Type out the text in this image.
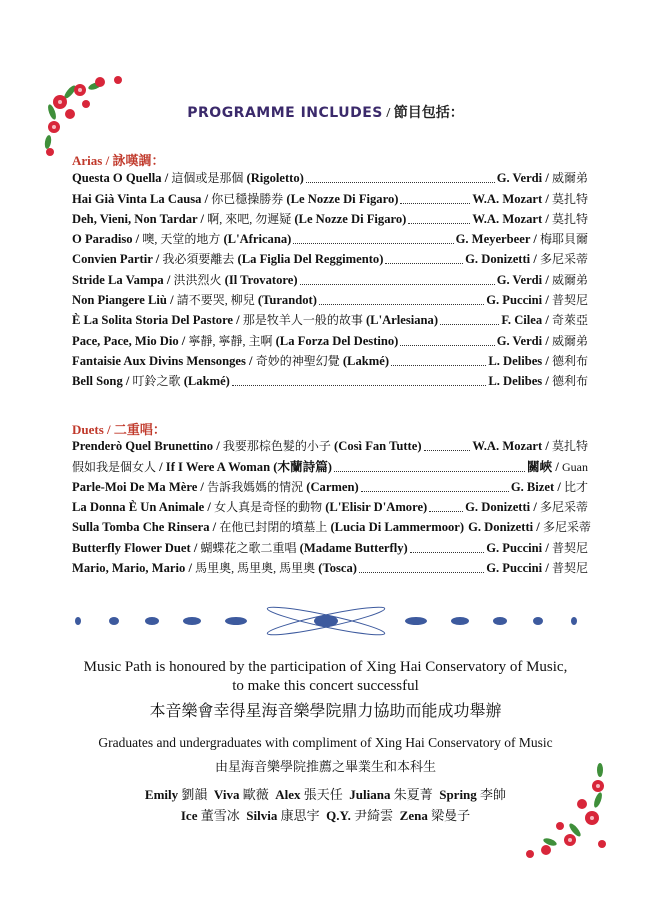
PROGRAMME INCLUDES / 節目包括：
Arias / 詠嘆調：
Questa O Quella / 這個或是那個 (Rigoletto)	G. Verdi / 威爾弟
Hai Già Vinta La Causa / 你已穩操勝券 (Le Nozze Di Figaro)	W.A. Mozart / 莫扎特
Deh, Vieni, Non Tardar / 啊, 來吧, 勿遲疑 (Le Nozze Di Figaro)	W.A. Mozart / 莫扎特
O Paradiso / 噢, 天堂的地方 (L'Africana)	G. Meyerbeer / 梅耶貝爾
Convien Partir / 我必須要離去 (La Figlia Del Reggimento)	G. Donizetti / 多尼采蒂
Stride La Vampa / 洪洪烈火 (Il Trovatore)	G. Verdi / 威爾弟
Non Piangere Liù / 請不要哭, 柳兒 (Turandot)	G. Puccini / 普契尼
È La Solita Storia Del Pastore / 那是牧羊人一般的故事 (L'Arlesiana)	F. Cilea / 奇萊亞
Pace, Pace, Mio Dio / 寧靜, 寧靜, 主啊 (La Forza Del Destino)	G. Verdi / 威爾弟
Fantaisie Aux Divins Mensonges / 奇妙的神聖幻覺 (Lakmé)	L. Delibes / 德利布
Bell Song / 叮鈴之歌 (Lakmé)	L. Delibes / 德利布
Duets / 二重唱：
Prenderò Quel Brunettino / 我要那棕色髮的小子 (Così Fan Tutte)	W.A. Mozart / 莫扎特
假如我是個女人 / If I Were A Woman (木蘭詩篇)	關峽 / Guan
Parle-Moi De Ma Mère / 告訴我媽媽的情況 (Carmen)	G. Bizet / 比才
La Donna È Un Animale / 女人真是奇怪的動物 (L'Elisir D'Amore)	G. Donizetti / 多尼采蒂
Sulla Tomba Che Rinsera / 在他已封閉的墳墓上 (Lucia Di Lammermoor) G. Donizetti / 多尼采蒂
Butterfly Flower Duet / 蝴蝶花之歌二重唱 (Madame Butterfly)	G. Puccini / 普契尼
Mario, Mario, Mario / 馬里奧, 馬里奧, 馬里奧 (Tosca)	G. Puccini / 普契尼
Music Path is honoured by the participation of Xing Hai Conservatory of Music,
to make this concert successful
本音樂會幸得星海音樂學院鼎力協助而能成功舉辦
Graduates and undergraduates with compliment of Xing Hai Conservatory of Music
由星海音樂學院推薦之畢業生和本科生
Emily 劉韻 Viva 歐薇 Alex 張天任 Juliana 朱夏菁 Spring 李帥
Ice 董雪冰 Silvia 康思宇 Q.Y. 尹綺雲 Zena 梁曼子
